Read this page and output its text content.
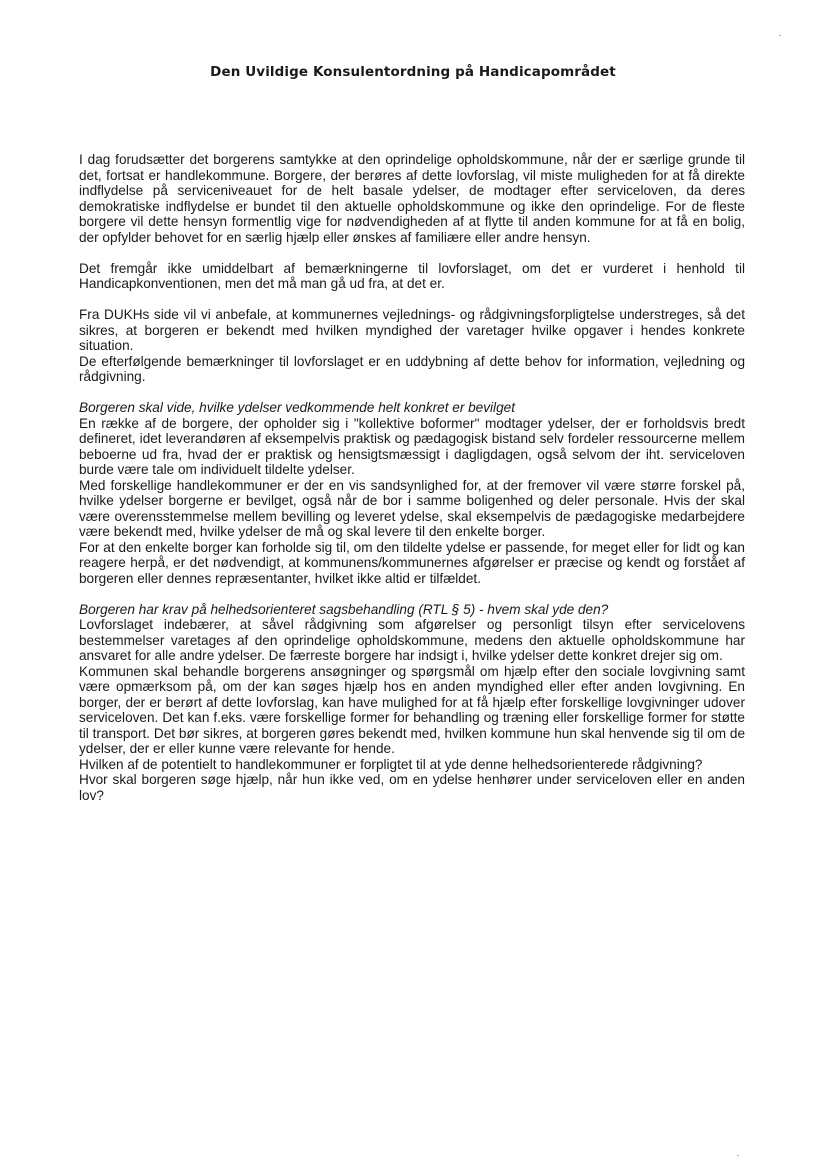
Den Uvildige Konsulentordning på Handicapområdet

I dag forudsætter det borgerens samtykke at den oprindelige opholdskommune, når der er særlige grunde til det, fortsat er handlekommune. Borgere, der berøres af dette lovforslag, vil miste muligheden for at få direkte indflydelse på serviceniveauet for de helt basale ydelser, de modtager efter serviceloven, da deres demokratiske indflydelse er bundet til den aktuelle opholdskommune og ikke den oprindelige. For de fleste borgere vil dette hensyn formentlig vige for nødvendigheden af at flytte til anden kommune for at få en bolig, der opfylder behovet for en særlig hjælp eller ønskes af familiære eller andre hensyn.

Det fremgår ikke umiddelbart af bemærkningerne til lovforslaget, om det er vurderet i henhold til Handicapkonventionen, men det må man gå ud fra, at det er.

Fra DUKHs side vil vi anbefale, at kommunernes vejlednings- og rådgivningsforpligtelse understreges, så det sikres, at borgeren er bekendt med hvilken myndighed der varetager hvilke opgaver i hendes konkrete situation.

De efterfølgende bemærkninger til lovforslaget er en uddybning af dette behov for information, vejledning og rådgivning.

Borgeren skal vide, hvilke ydelser vedkommende helt konkret er bevilget

En række af de borgere, der opholder sig i "kollektive boformer" modtager ydelser, der er forholdsvis bredt defineret, idet leverandøren af eksempelvis praktisk og pædagogisk bistand selv fordeler ressourcerne mellem beboerne ud fra, hvad der er praktisk og hensigtsmæssigt i dagligdagen, også selvom der iht. serviceloven burde være tale om individuelt tildelte ydelser.

Med forskellige handlekommuner er der en vis sandsynlighed for, at der fremover vil være større forskel på, hvilke ydelser borgerne er bevilget, også når de bor i samme boligenhed og deler personale. Hvis der skal være overensstemmelse mellem bevilling og leveret ydelse, skal eksempelvis de pædagogiske medarbejdere være bekendt med, hvilke ydelser de må og skal levere til den enkelte borger.

For at den enkelte borger kan forholde sig til, om den tildelte ydelse er passende, for meget eller for lidt og kan reagere herpå, er det nødvendigt, at kommunens/kommunernes afgørelser er præcise og kendt og forstået af borgeren eller dennes repræsentanter, hvilket ikke altid er tilfældet.

Borgeren har krav på helhedsorienteret sagsbehandling (RTL § 5) - hvem skal yde den?

Lovforslaget indebærer, at såvel rådgivning som afgørelser og personligt tilsyn efter servicelovens bestemmelser varetages af den oprindelige opholdskommune, medens den aktuelle opholdskommune har ansvaret for alle andre ydelser. De færreste borgere har indsigt i, hvilke ydelser dette konkret drejer sig om.

Kommunen skal behandle borgerens ansøgninger og spørgsmål om hjælp efter den sociale lovgivning samt være opmærksom på, om der kan søges hjælp hos en anden myndighed eller efter anden lovgivning. En borger, der er berørt af dette lovforslag, kan have mulighed for at få hjælp efter forskellige lovgivninger udover serviceloven. Det kan f.eks. være forskellige former for behandling og træning eller forskellige former for støtte til transport. Det bør sikres, at borgeren gøres bekendt med, hvilken kommune hun skal henvende sig til om de ydelser, der er eller kunne være relevante for hende.

Hvilken af de potentielt to handlekommuner er forpligtet til at yde denne helhedsorienterede rådgivning?

Hvor skal borgeren søge hjælp, når hun ikke ved, om en ydelse henhører under serviceloven eller en anden lov?
